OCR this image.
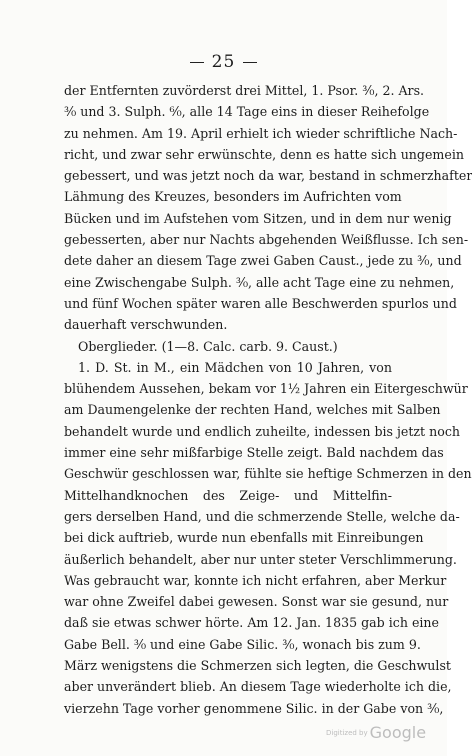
25
der Entfernten zuvörderst drei Mittel, 1. Psor. ³⁄₀, 2. Ars.
³⁄₀ und 3. Sulph. ⁶⁄₀, alle 14 Tage eins in dieser Reihefolge
zu nehmen. Am 19. April erhielt ich wieder schriftliche Nach-
richt, und zwar sehr erwünschte, denn es hatte sich ungemein
gebessert, und was jetzt noch da war, bestand in schmerzhafter
Lähmung des Kreuzes, besonders im Aufrichten vom
Bücken und im Aufstehen vom Sitzen, und in dem nur wenig
gebesserten, aber nur Nachts abgehenden Weißflusse. Ich sen-
dete daher an diesem Tage zwei Gaben Caust., jede zu ³⁄₀, und
eine Zwischengabe Sulph. ³⁄₀, alle acht Tage eine zu nehmen,
und fünf Wochen später waren alle Beschwerden spurlos und
dauerhaft verschwunden.
Oberglieder. (1—8. Calc. carb. 9. Caust.)
1. D. St. in M., ein Mädchen von 10 Jahren, von
blühendem Aussehen, bekam vor 1½ Jahren ein Eitergeschwür
am Daumengelenke der rechten Hand, welches mit Salben
behandelt wurde und endlich zuheilte, indessen bis jetzt noch
immer eine sehr mißfarbige Stelle zeigt. Bald nachdem das
Geschwür geschlossen war, fühlte sie heftige Schmerzen in den
Mittelhandknochen des Zeige- und Mittelfin-
gers derselben Hand, und die schmerzende Stelle, welche da-
bei dick auftrieb, wurde nun ebenfalls mit Einreibungen
äußerlich behandelt, aber nur unter steter Verschlimmerung.
Was gebraucht war, konnte ich nicht erfahren, aber Merkur
war ohne Zweifel dabei gewesen. Sonst war sie gesund, nur
daß sie etwas schwer hörte. Am 12. Jan. 1835 gab ich eine
Gabe Bell. ³⁄₀ und eine Gabe Silic. ³⁄₀, wonach bis zum 9.
März wenigstens die Schmerzen sich legten, die Geschwulst
aber unverändert blieb. An diesem Tage wiederholte ich die,
vierzehn Tage vorher genommene Silic. in der Gabe von ³⁄₀,
Digitized by Google
